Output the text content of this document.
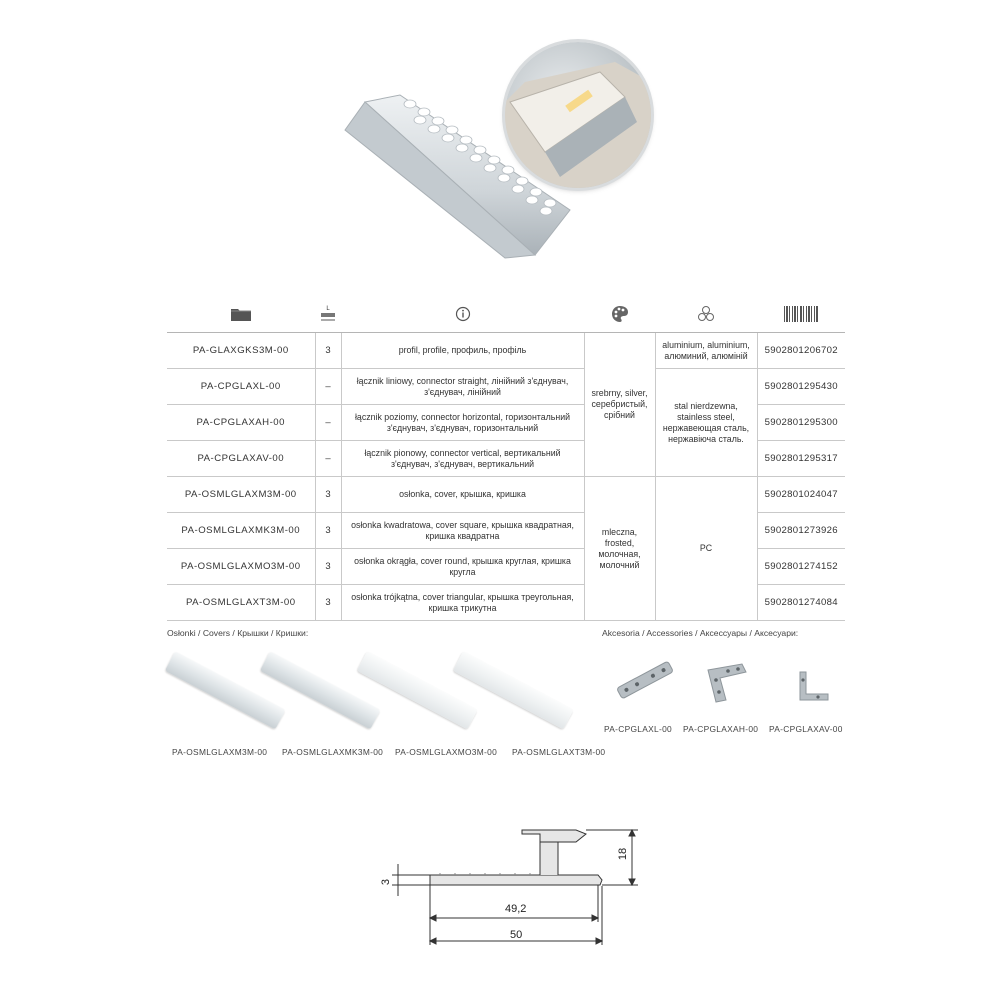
L

PA-GLAXGKS3M-00	3	profil, profile, профиль, профіль	srebrny, silver, серебристый, срібний	aluminium, aluminium, алюминий, алюміній	5902801206702
PA-CPGLAXL-00	–	łącznik liniowy, connector straight, лінійний з'єднувач, з'єднувач, лінійний		stal nierdzewna, stainless steel, нержавеющая сталь, нержавіюча сталь.	5902801295430
PA-CPGLAXAH-00	–	łącznik poziomy, connector horizontal, горизонтальний з'єднувач, з'єднувач, горизонтальний			5902801295300
PA-CPGLAXAV-00	–	łącznik pionowy, connector vertical, вертикальний з'єднувач, з'єднувач, вертикальний			5902801295317
PA-OSMLGLAXM3M-00	3	osłonka, cover, крышка, кришка	mleczna, frosted, молочная, молочний	PC	5902801024047
PA-OSMLGLAXMK3M-00	3	osłonka kwadratowa, cover square, крышка квадратная, кришка квадратна			5902801273926
PA-OSMLGLAXMO3M-00	3	osłonka okrągła, cover round, крышка круглая, кришка кругла			5902801274152
PA-OSMLGLAXT3M-00	3	osłonka trójkątna, cover triangular, крышка треугольная, кришка трикутна			5902801274084
Osłonki / Covers / Крышки / Кришки:
PA-OSMLGLAXM3M-00 PA-OSMLGLAXMK3M-00 PA-OSMLGLAXMO3M-00 PA-OSMLGLAXT3M-00
Akcesoria / Accessories / Аксессуары / Аксесуари:
PA-CPGLAXL-00 PA-CPGLAXAH-00 PA-CPGLAXAV-00
18
3
49,2
50
